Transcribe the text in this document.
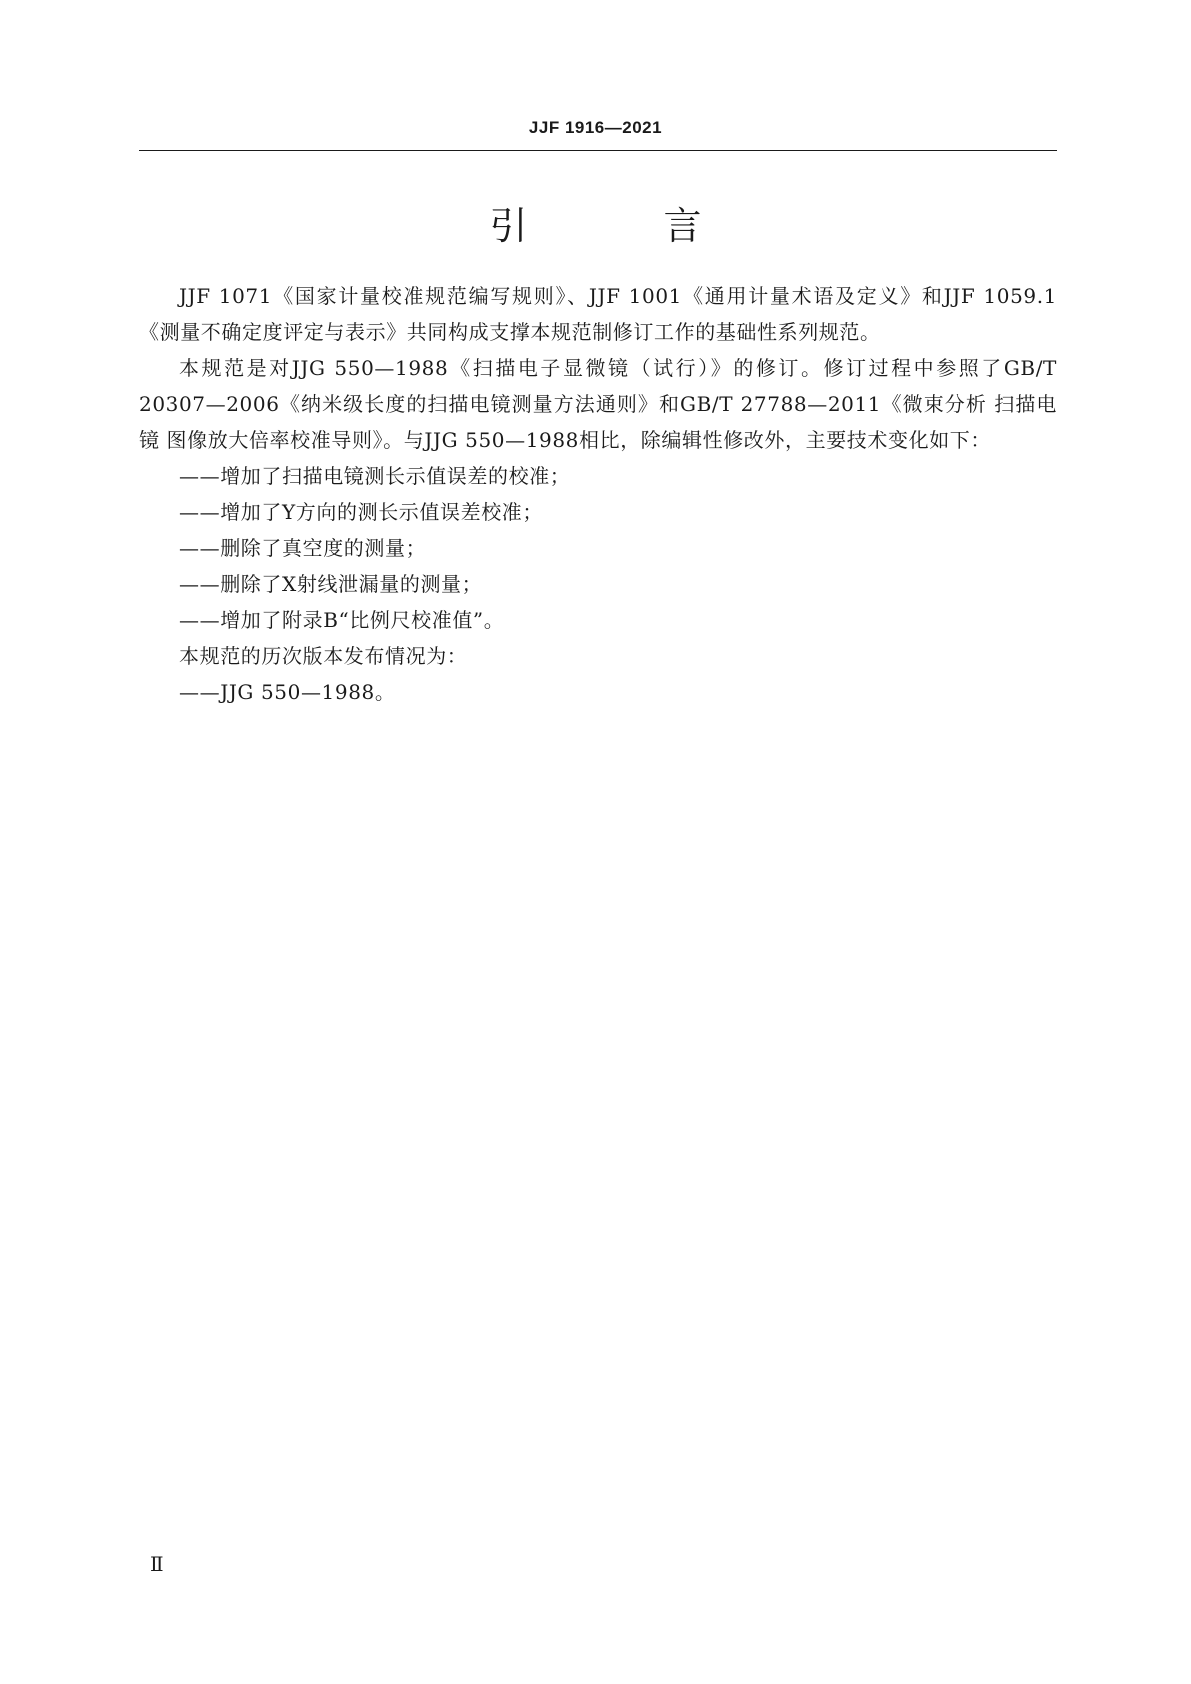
JJF 1916—2021
引 言

JJF 1071《国家计量校准规范编写规则》、JJF 1001《通用计量术语及定义》和JJF 1059.1《测量不确定度评定与表示》共同构成支撑本规范制修订工作的基础性系列规范。

本规范是对JJG 550—1988《扫描电子显微镜（试行）》的修订。修订过程中参照了GB/T 20307—2006《纳米级长度的扫描电镜测量方法通则》和GB/T 27788—2011《微束分析 扫描电镜 图像放大倍率校准导则》。与JJG 550—1988相比，除编辑性修改外，主要技术变化如下：

——增加了扫描电镜测长示值误差的校准；

——增加了Y方向的测长示值误差校准；

——删除了真空度的测量；

——删除了X射线泄漏量的测量；

——增加了附录B“比例尺校准值”。

本规范的历次版本发布情况为：

——JJG 550—1988。

Ⅱ
